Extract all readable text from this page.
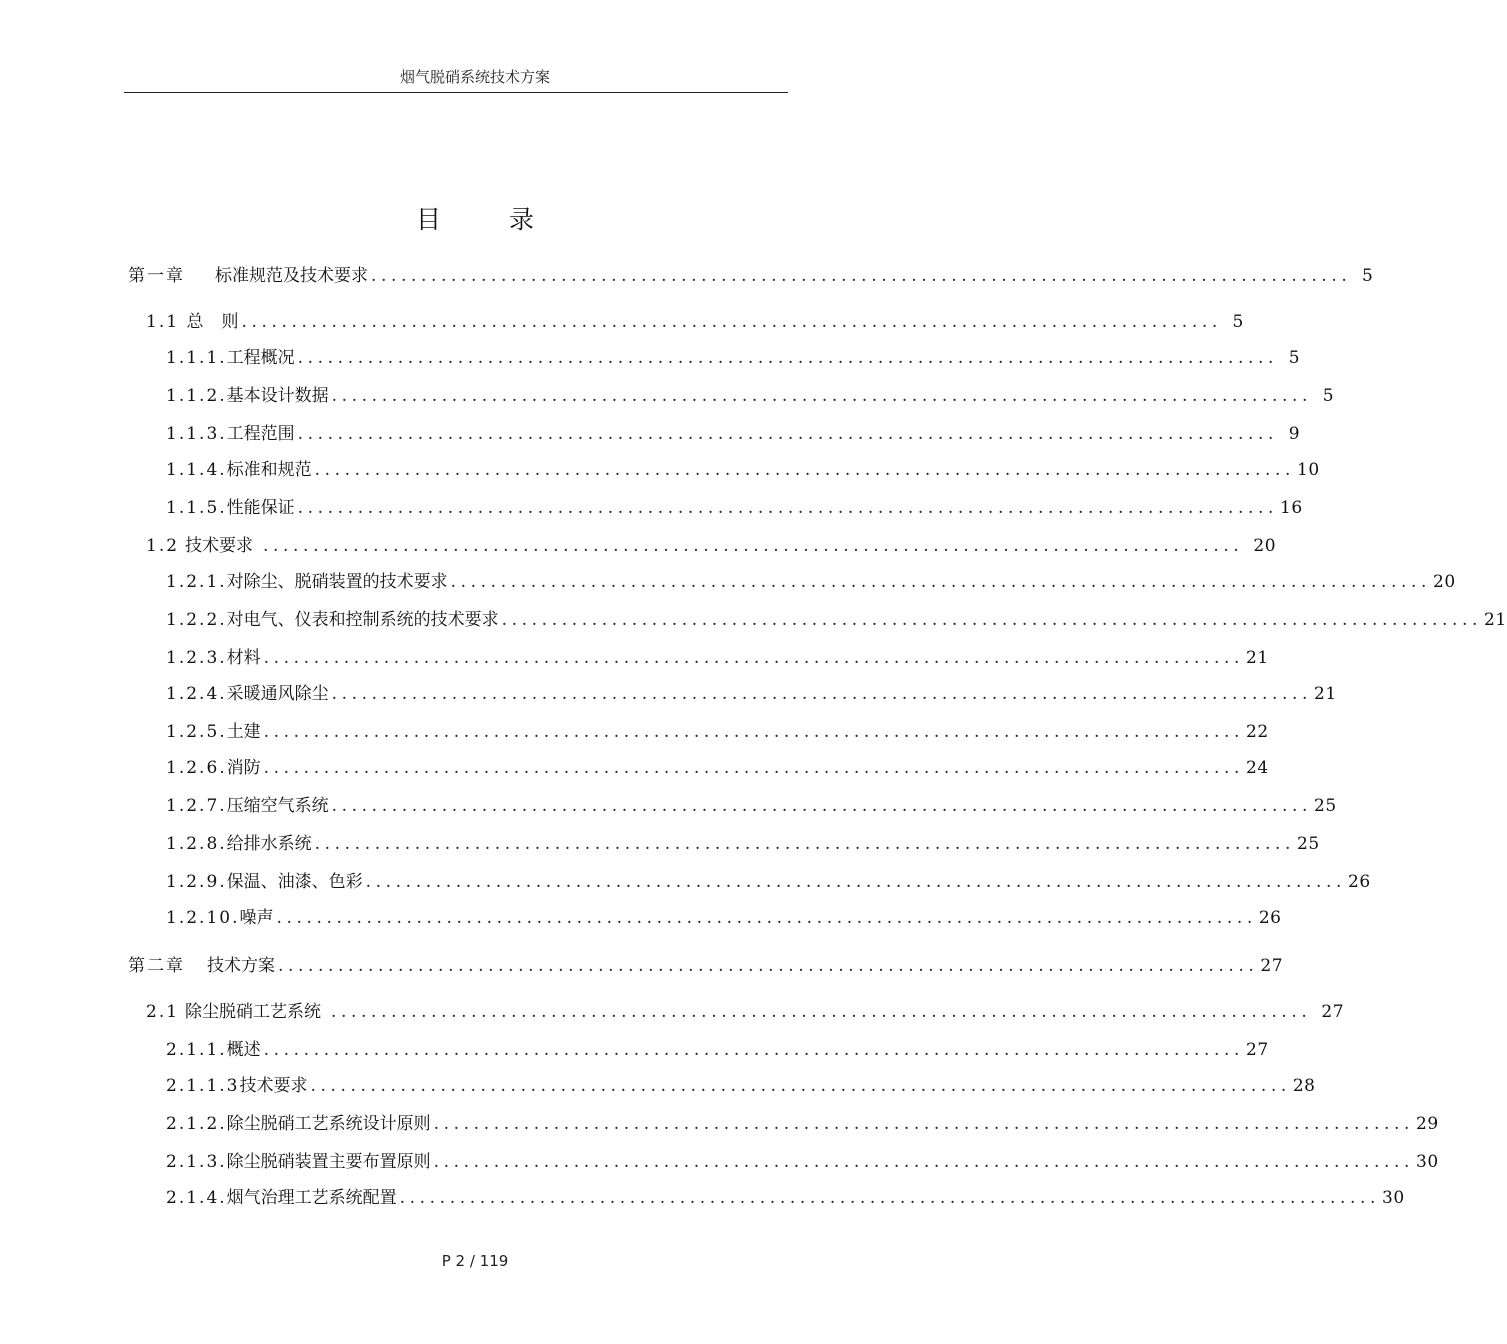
烟气脱硝系统技术方案
目 录
第一章 标准规范及技术要求 .................................................................................................. 5
1.1 总 则 .................................................................................................. 5
1.1.1. 工程概况 .................................................................................................. 5
1.1.2. 基本设计数据 .................................................................................................. 5
1.1.3. 工程范围 .................................................................................................. 9
1.1.4. 标准和规范 .................................................................................................. 10
1.1.5. 性能保证 .................................................................................................. 16
1.2 技术要求 .................................................................................................. 20
1.2.1. 对除尘、脱硝装置的技术要求 .................................................................................................. 20
1.2.2. 对电气、仪表和控制系统的技术要求 .................................................................................................. 21
1.2.3. 材料 .................................................................................................. 21
1.2.4. 采暖通风除尘 .................................................................................................. 21
1.2.5. 土建 .................................................................................................. 22
1.2.6. 消防 .................................................................................................. 24
1.2.7. 压缩空气系统 .................................................................................................. 25
1.2.8. 给排水系统 .................................................................................................. 25
1.2.9. 保温、油漆、色彩 .................................................................................................. 26
1.2.10. 噪声 .................................................................................................. 26
第二章 技术方案 .................................................................................................. 27
2.1 除尘脱硝工艺系统 .................................................................................................. 27
2.1.1. 概述 .................................................................................................. 27
2.1.1.3 技术要求 .................................................................................................. 28
2.1.2. 除尘脱硝工艺系统设计原则 .................................................................................................. 29
2.1.3. 除尘脱硝装置主要布置原则 .................................................................................................. 30
2.1.4. 烟气治理工艺系统配置 .................................................................................................. 30
P 2 / 119
